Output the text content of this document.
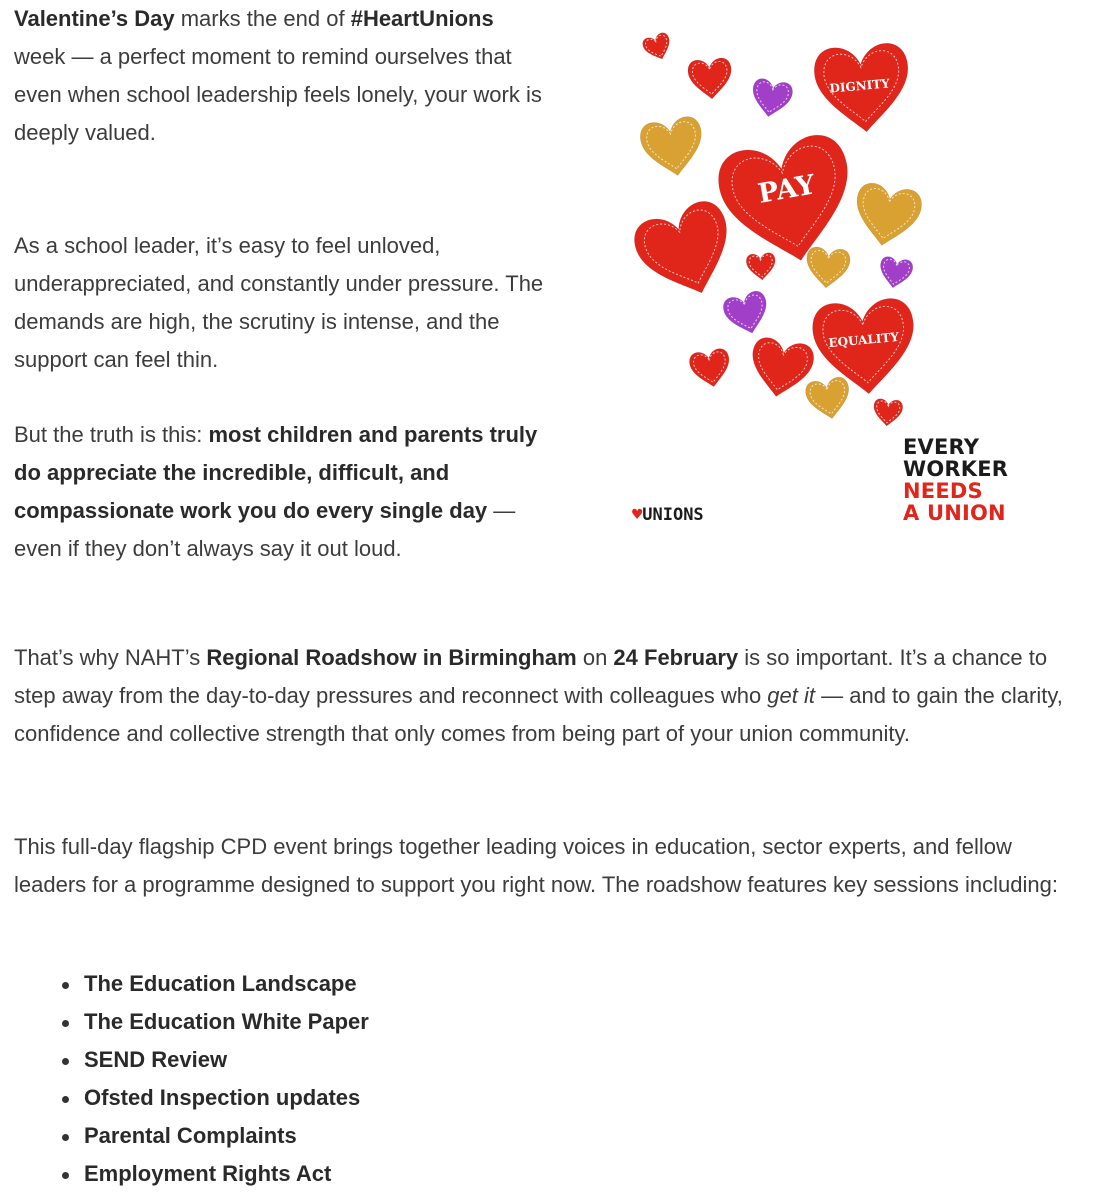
Valentine’s Day marks the end of #HeartUnions week — a perfect moment to remind ourselves that even when school leadership feels lonely, your work is deeply valued.

As a school leader, it’s easy to feel unloved, underappreciated, and constantly under pressure. The demands are high, the scrutiny is intense, and the support can feel thin.

But the truth is this: most children and parents truly do appreciate the incredible, difficult, and compassionate work you do every single day — even if they don’t always say it out loud.

DIGNITY
PAY
EQUALITY
♥UNIONS
EVERY
WORKER
NEEDS
A UNION

That’s why NAHT’s Regional Roadshow in Birmingham on 24 February is so important. It’s a chance to step away from the day-to-day pressures and reconnect with colleagues who get it — and to gain the clarity, confidence and collective strength that only comes from being part of your union community.

This full-day flagship CPD event brings together leading voices in education, sector experts, and fellow leaders for a programme designed to support you right now. The roadshow features key sessions including:

The Education Landscape
The Education White Paper
SEND Review
Ofsted Inspection updates
Parental Complaints
Employment Rights Act
